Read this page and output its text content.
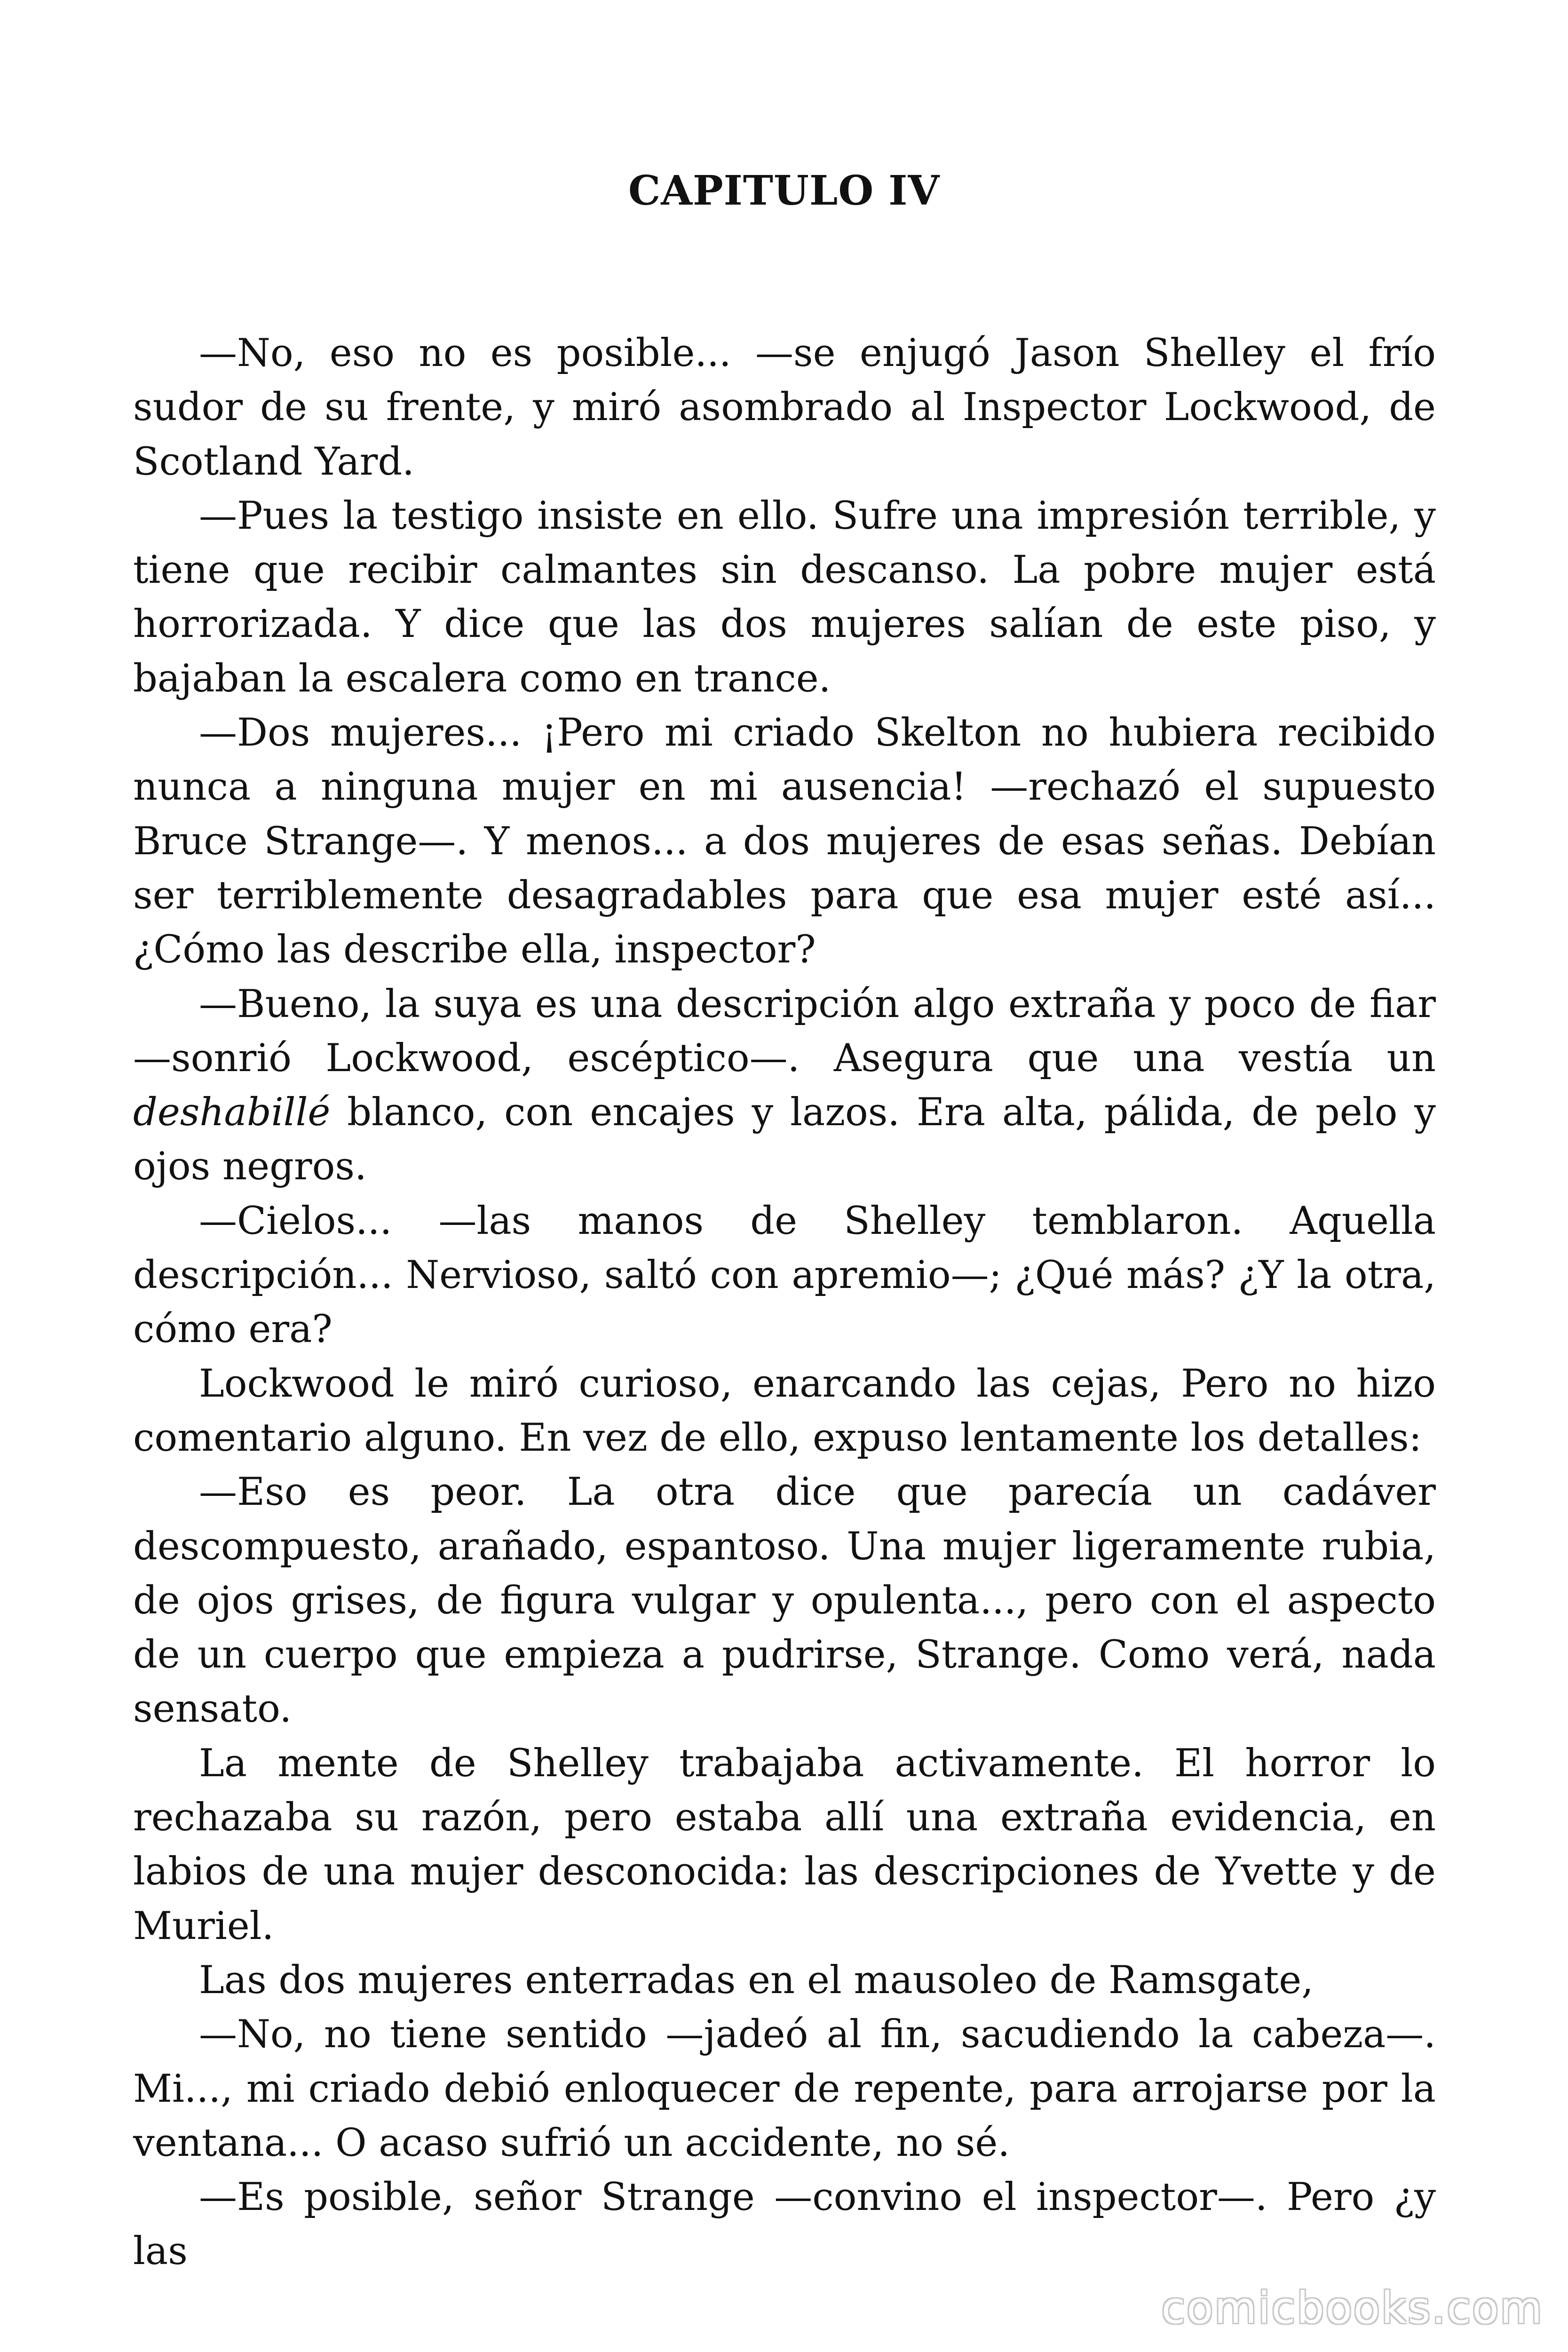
CAPITULO IV

—No, eso no es posible... —se enjugó Jason Shelley el frío sudor de su frente, y miró asombrado al Inspector Lockwood, de Scotland Yard.

—Pues la testigo insiste en ello. Sufre una impresión terrible, y tiene que recibir calmantes sin descanso. La pobre mujer está horrorizada. Y dice que las dos mujeres salían de este piso, y bajaban la escalera como en trance.

—Dos mujeres... ¡Pero mi criado Skelton no hubiera recibido nunca a ninguna mujer en mi ausencia! —rechazó el supuesto Bruce Strange—. Y menos... a dos mujeres de esas señas. Debían ser terriblemente desagradables para que esa mujer esté así... ¿Cómo las describe ella, inspector?

—Bueno, la suya es una descripción algo extraña y poco de fiar —sonrió Lockwood, escéptico—. Asegura que una vestía un deshabillé blanco, con encajes y lazos. Era alta, pálida, de pelo y ojos negros.

—Cielos... —las manos de Shelley temblaron. Aquella descripción... Nervioso, saltó con apremio—; ¿Qué más? ¿Y la otra, cómo era?

Lockwood le miró curioso, enarcando las cejas, Pero no hizo comentario alguno. En vez de ello, expuso lentamente los detalles:

—Eso es peor. La otra dice que parecía un cadáver descompuesto, arañado, espantoso. Una mujer ligeramente rubia, de ojos grises, de figura vulgar y opulenta..., pero con el aspecto de un cuerpo que empieza a pudrirse, Strange. Como verá, nada sensato.

La mente de Shelley trabajaba activamente. El horror lo rechazaba su razón, pero estaba allí una extraña evidencia, en labios de una mujer desconocida: las descripciones de Yvette y de Muriel.

Las dos mujeres enterradas en el mausoleo de Ramsgate,

—No, no tiene sentido —jadeó al fin, sacudiendo la cabeza—. Mi..., mi criado debió enloquecer de repente, para arrojarse por la ventana... O acaso sufrió un accidente, no sé.

—Es posible, señor Strange —convino el inspector—. Pero ¿y las

comicbooks.com
